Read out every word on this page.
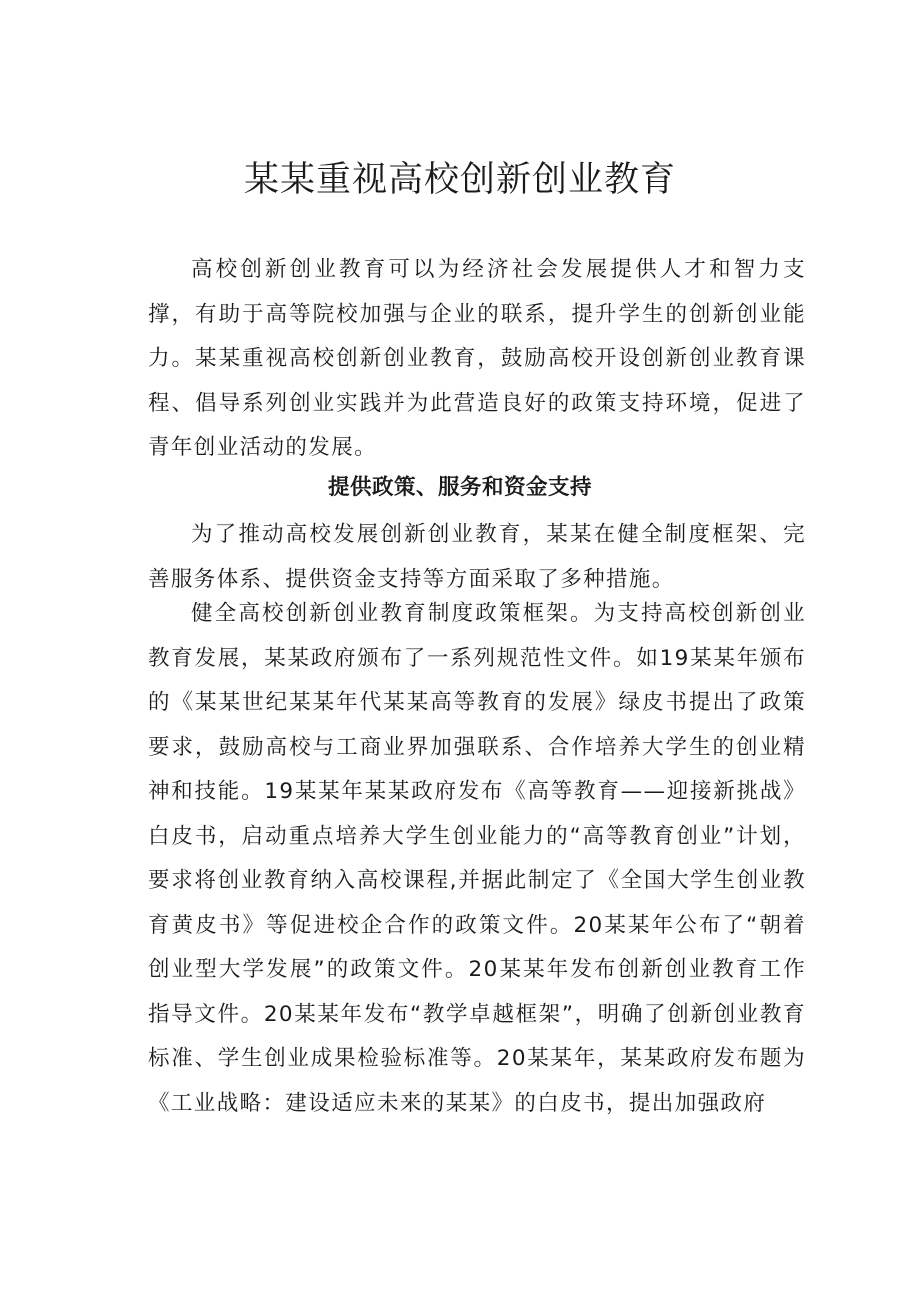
某某重视高校创新创业教育

高校创新创业教育可以为经济社会发展提供人才和智力支撑，有助于高等院校加强与企业的联系，提升学生的创新创业能力。某某重视高校创新创业教育，鼓励高校开设创新创业教育课程、倡导系列创业实践并为此营造良好的政策支持环境，促进了青年创业活动的发展。

提供政策、服务和资金支持

为了推动高校发展创新创业教育，某某在健全制度框架、完善服务体系、提供资金支持等方面采取了多种措施。

健全高校创新创业教育制度政策框架。为支持高校创新创业教育发展，某某政府颁布了一系列规范性文件。如19某某年颁布的《某某世纪某某年代某某高等教育的发展》绿皮书提出了政策要求，鼓励高校与工商业界加强联系、合作培养大学生的创业精神和技能。19某某年某某政府发布《高等教育——迎接新挑战》白皮书，启动重点培养大学生创业能力的“高等教育创业”计划，要求将创业教育纳入高校课程,并据此制定了《全国大学生创业教育黄皮书》等促进校企合作的政策文件。20某某年公布了“朝着创业型大学发展”的政策文件。20某某年发布创新创业教育工作指导文件。20某某年发布“教学卓越框架”，明确了创新创业教育标准、学生创业成果检验标准等。20某某年，某某政府发布题为《工业战略：建设适应未来的某某》的白皮书，提出加强政府
